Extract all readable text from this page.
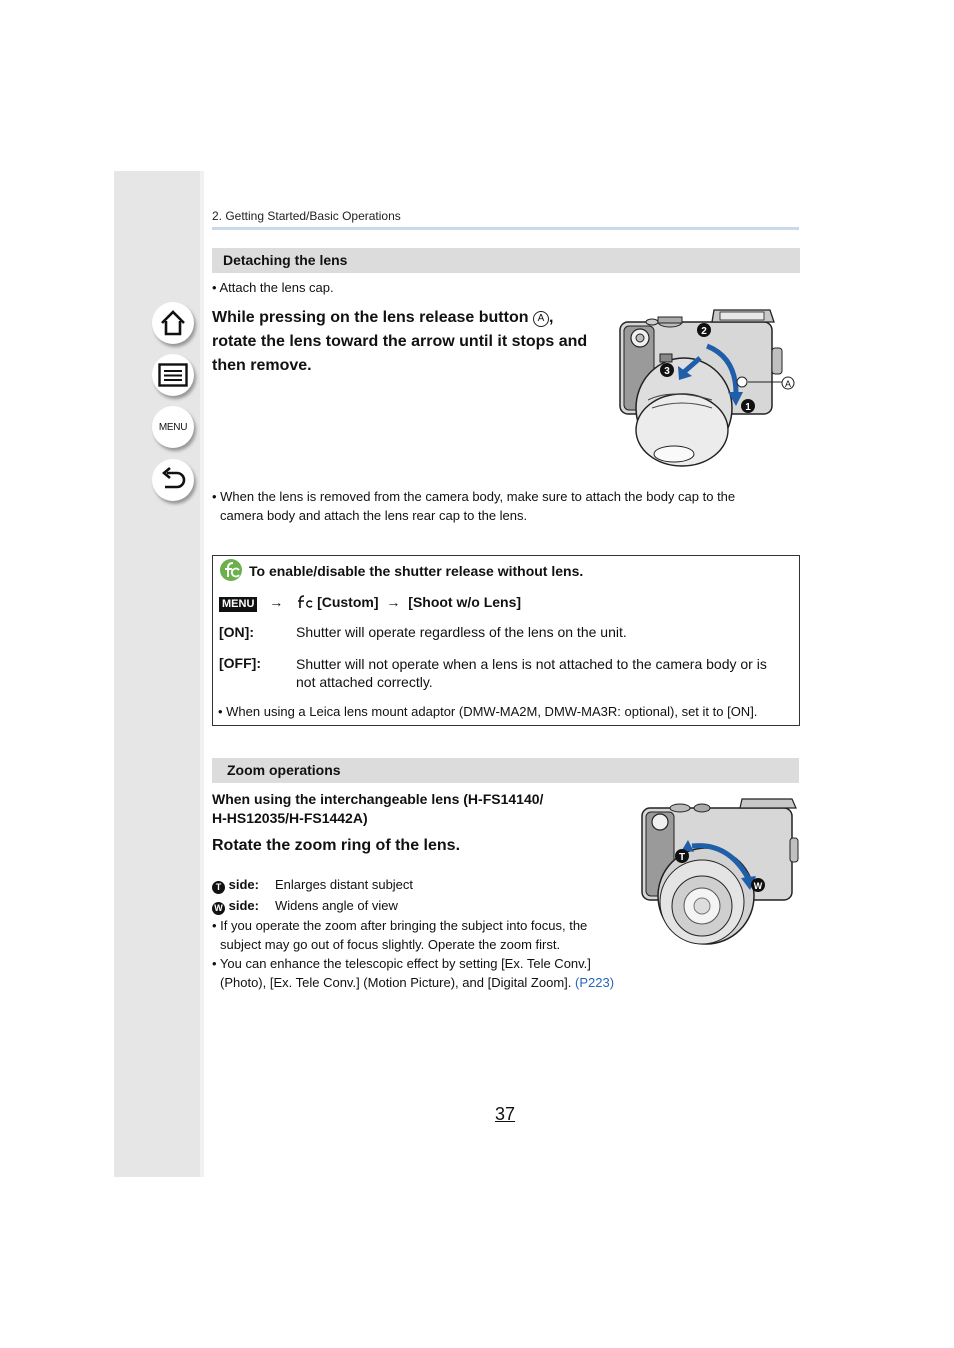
MENU
2. Getting Started/Basic Operations
Detaching the lens
• Attach the lens cap.
While pressing on the lens release button A ,
rotate the lens toward the arrow until it stops and
then remove.
2
3
1
A
• When the lens is removed from the camera body, make sure to attach the body cap to the
camera body and attach the lens rear cap to the lens.
To enable/disable the shutter release without lens.
MENU → [Custom] → [Shoot w/o Lens]
[ON]:	Shutter will operate regardless of the lens on the unit.
[OFF]:	Shutter will not operate when a lens is not attached to the camera body or is
not attached correctly.
• When using a Leica lens mount adaptor (DMW-MA2M, DMW-MA3R: optional), set it to [ON].
Zoom operations
When using the interchangeable lens (H-FS14140/
H-HS12035/H-FS1442A)
Rotate the zoom ring of the lens.
T side: Enlarges distant subject
W side: Widens angle of view
• If you operate the zoom after bringing the subject into focus, the
subject may go out of focus slightly. Operate the zoom first.
• You can enhance the telescopic effect by setting [Ex. Tele Conv.]
(Photo), [Ex. Tele Conv.] (Motion Picture), and [Digital Zoom]. (P223)
T
W
37
